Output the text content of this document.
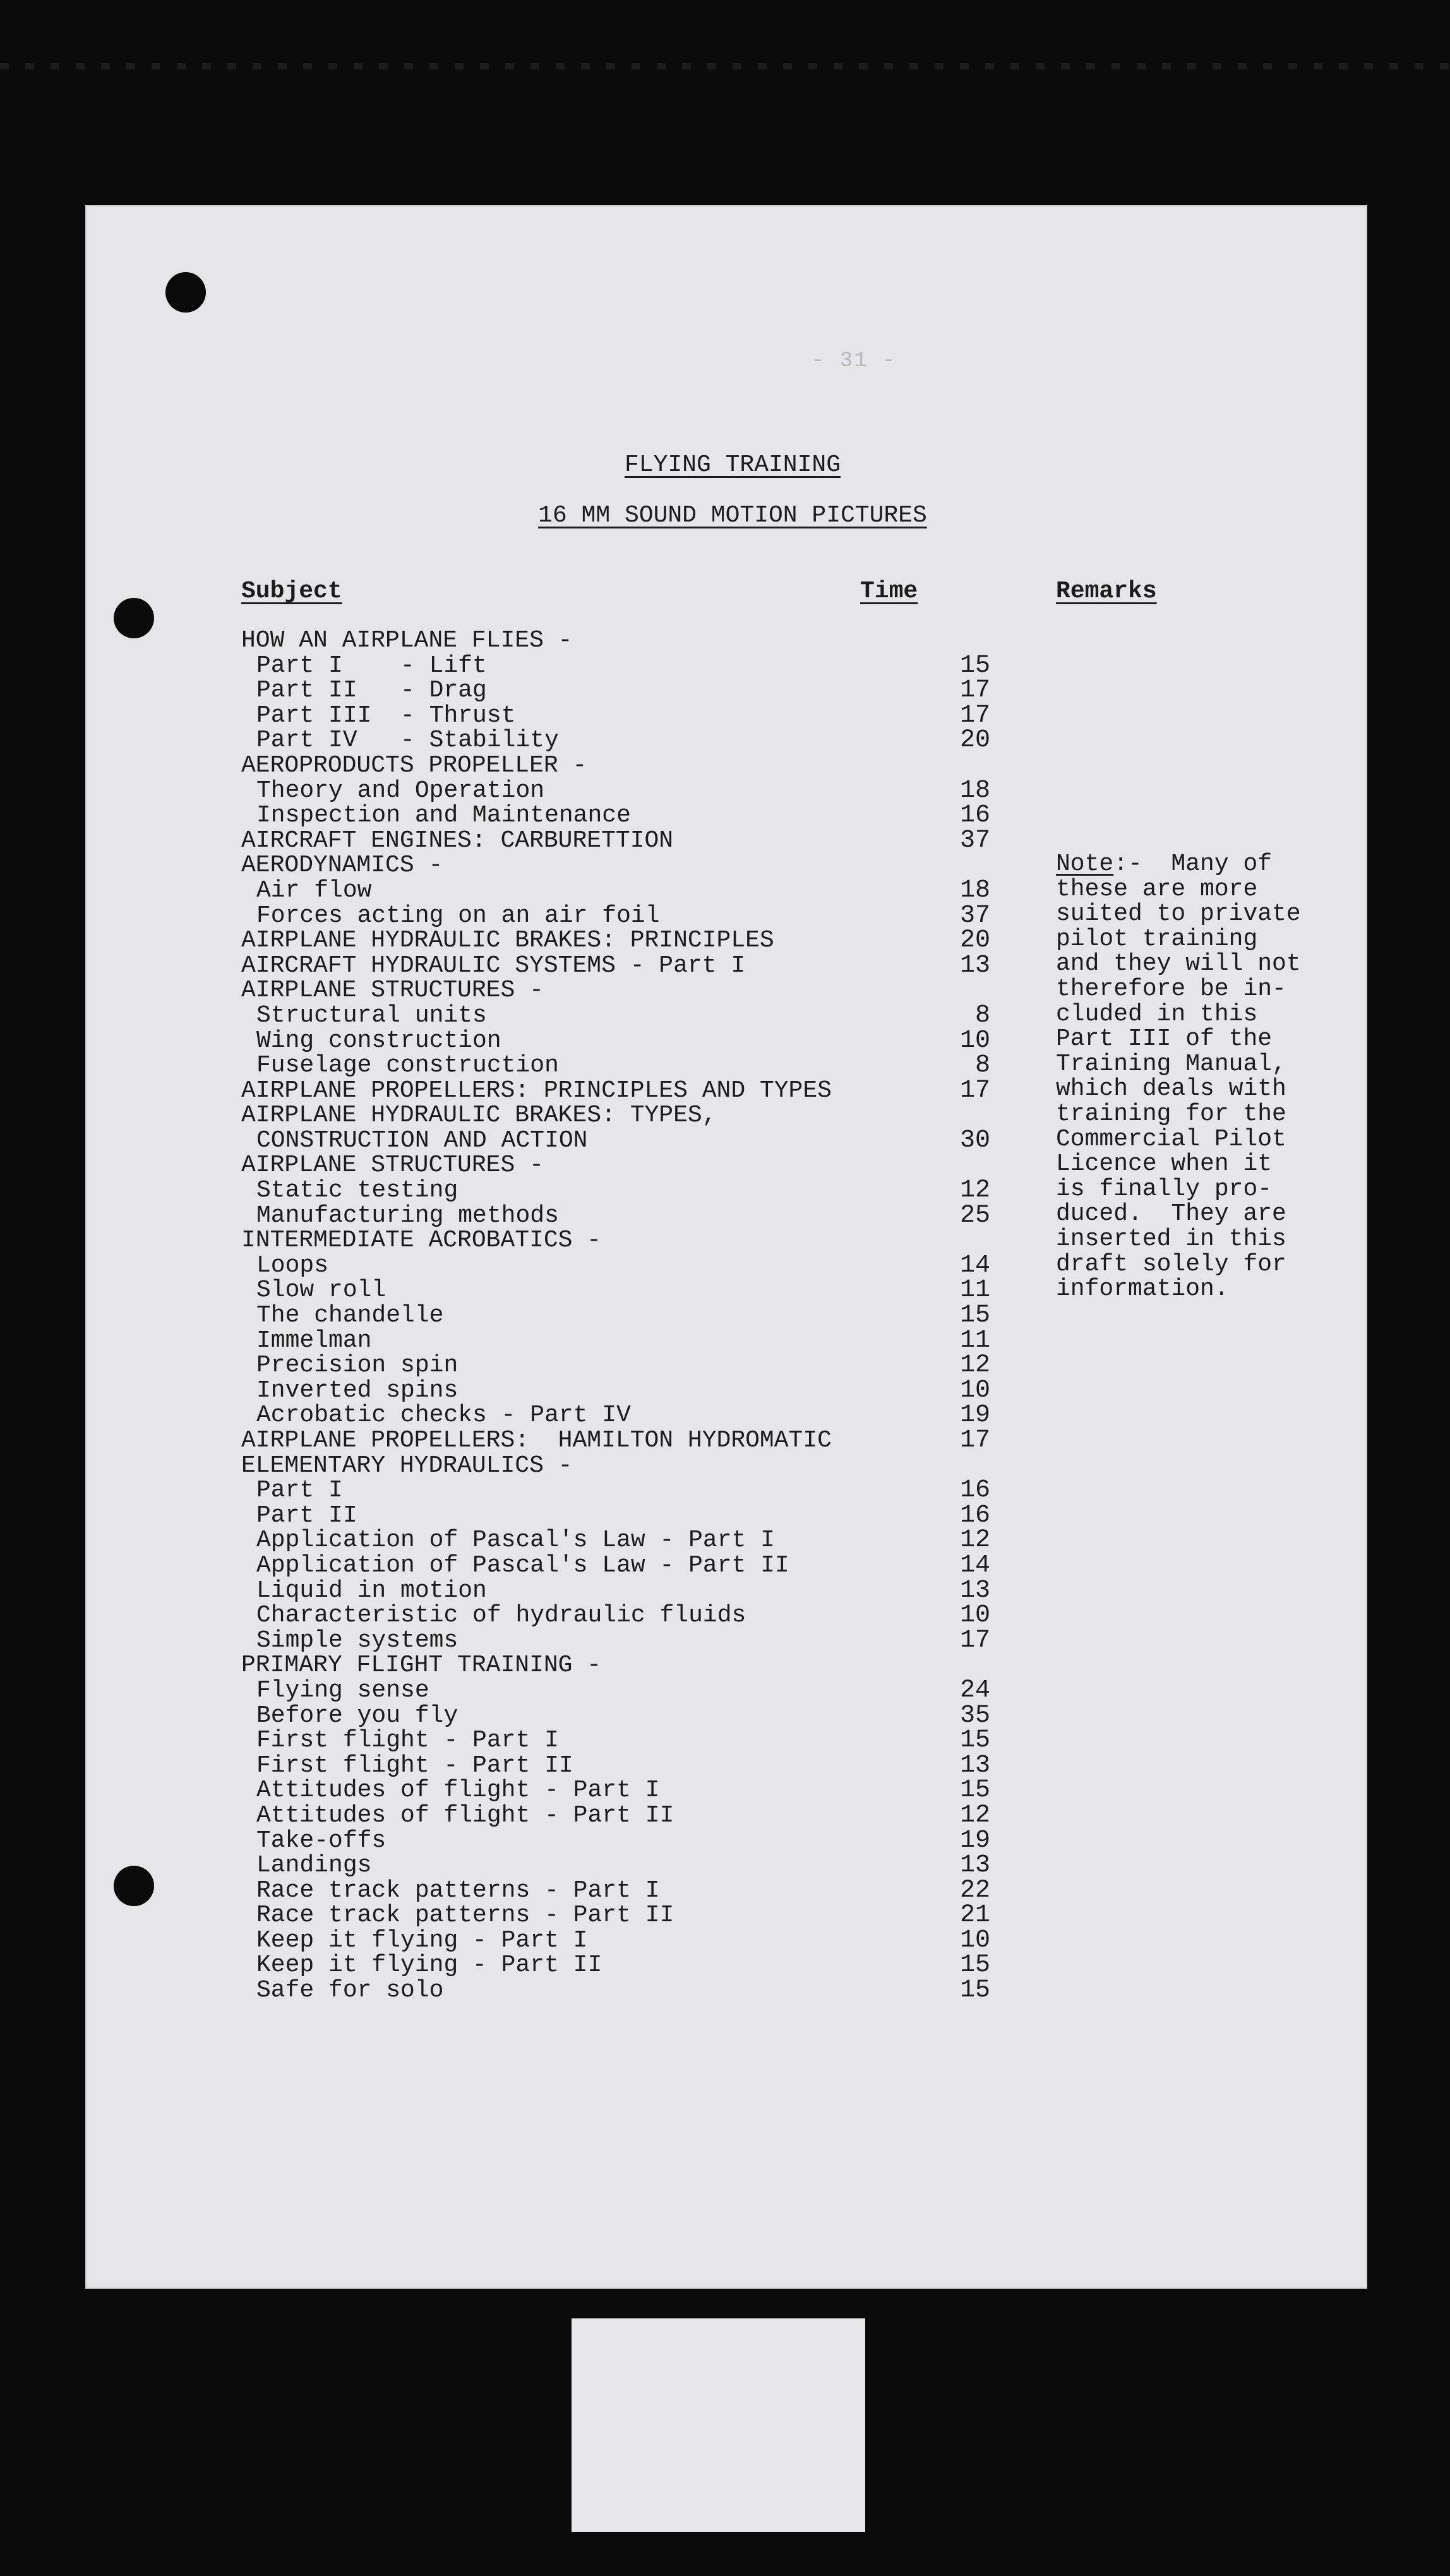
- 31 -
FLYING TRAINING
16 MM SOUND MOTION PICTURES
Subject	Time	Remarks
HOW AN AIRPLANE FLIES -
Part I    - Lift	15
Part II   - Drag	17
Part III  - Thrust	17
Part IV   - Stability	20
AEROPRODUCTS PROPELLER -
Theory and Operation	18
Inspection and Maintenance	16
AIRCRAFT ENGINES: CARBURETTION	37
AERODYNAMICS -
Air flow	18
Forces acting on an air foil	37
AIRPLANE HYDRAULIC BRAKES: PRINCIPLES	20
AIRCRAFT HYDRAULIC SYSTEMS - Part I	13
AIRPLANE STRUCTURES -
Structural units	8
Wing construction	10
Fuselage construction	8
AIRPLANE PROPELLERS: PRINCIPLES AND TYPES	17
AIRPLANE HYDRAULIC BRAKES: TYPES,
CONSTRUCTION AND ACTION	30
AIRPLANE STRUCTURES -
Static testing	12
Manufacturing methods	25
INTERMEDIATE ACROBATICS -
Loops	14
Slow roll	11
The chandelle	15
Immelman	11
Precision spin	12
Inverted spins	10
Acrobatic checks - Part IV	19
AIRPLANE PROPELLERS:  HAMILTON HYDROMATIC	17
ELEMENTARY HYDRAULICS -
Part I	16
Part II	16
Application of Pascal's Law - Part I	12
Application of Pascal's Law - Part II	14
Liquid in motion	13
Characteristic of hydraulic fluids	10
Simple systems	17
PRIMARY FLIGHT TRAINING -
Flying sense	24
Before you fly	35
First flight - Part I	15
First flight - Part II	13
Attitudes of flight - Part I	15
Attitudes of flight - Part II	12
Take-offs	19
Landings	13
Race track patterns - Part I	22
Race track patterns - Part II	21
Keep it flying - Part I	10
Keep it flying - Part II	15
Safe for solo	15
Note:-  Many of
these are more
suited to private
pilot training
and they will not
therefore be in-
cluded in this
Part III of the
Training Manual,
which deals with
training for the
Commercial Pilot
Licence when it
is finally pro-
duced.  They are
inserted in this
draft solely for
information.
